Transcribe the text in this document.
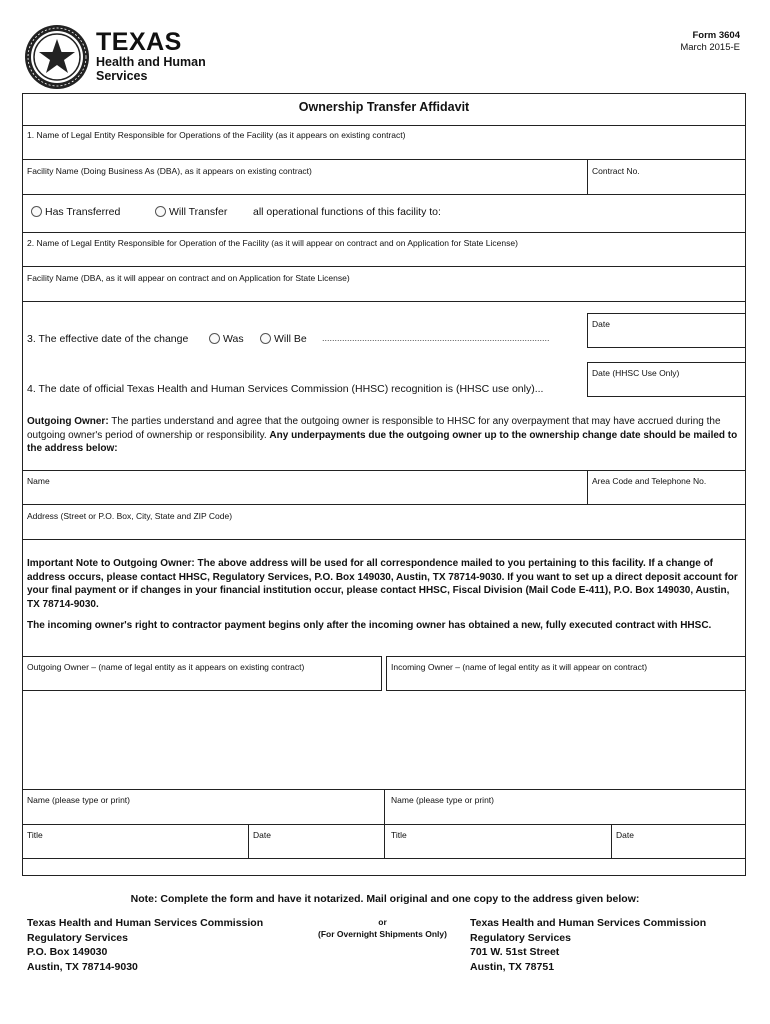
TEXAS
Health and Human
Services
Form 3604
March 2015-E
Ownership Transfer Affidavit
1. Name of Legal Entity Responsible for Operations of the Facility (as it appears on existing contract)
Facility Name (Doing Business As (DBA), as it appears on existing contract)	Contract No.
Has Transferred	Will Transfer all operational functions of this facility to:
2. Name of Legal Entity Responsible for Operation of the Facility (as it will appear on contract and on Application for State License)
Facility Name (DBA, as it will appear on contract and on Application for State License)
Date
3. The effective date of the change	Was	Will Be ...........................................................................................
Date (HHSC Use Only)
4. The date of official Texas Health and Human Services Commission (HHSC) recognition is (HHSC use only)...
Outgoing Owner: The parties understand and agree that the outgoing owner is responsible to HHSC for any overpayment that may have accrued during the outgoing owner's period of ownership or responsibility. Any underpayments due the outgoing owner up to the ownership change date should be mailed to the address below:
Name	Area Code and Telephone No.
Address (Street or P.O. Box, City, State and ZIP Code)
Important Note to Outgoing Owner: The above address will be used for all correspondence mailed to you pertaining to this facility. If a change of address occurs, please contact HHSC, Regulatory Services, P.O. Box 149030, Austin, TX 78714-9030. If you want to set up a direct deposit account for your final payment or if changes in your financial institution occur, please contact HHSC, Fiscal Division (Mail Code E-411), P.O. Box 149030, Austin, TX 78714-9030.
The incoming owner's right to contractor payment begins only after the incoming owner has obtained a new, fully executed contract with HHSC.
Outgoing Owner – (name of legal entity as it appears on existing contract)	Incoming Owner – (name of legal entity as it will appear on contract)
Name (please type or print)	Name (please type or print)
Title	Date	Title	Date
Note: Complete the form and have it notarized. Mail original and one copy to the address given below:
Texas Health and Human Services Commission
Regulatory Services
P.O. Box 149030
Austin, TX 78714-9030
or
(For Overnight Shipments Only)
Texas Health and Human Services Commission
Regulatory Services
701 W. 51st Street
Austin, TX 78751
